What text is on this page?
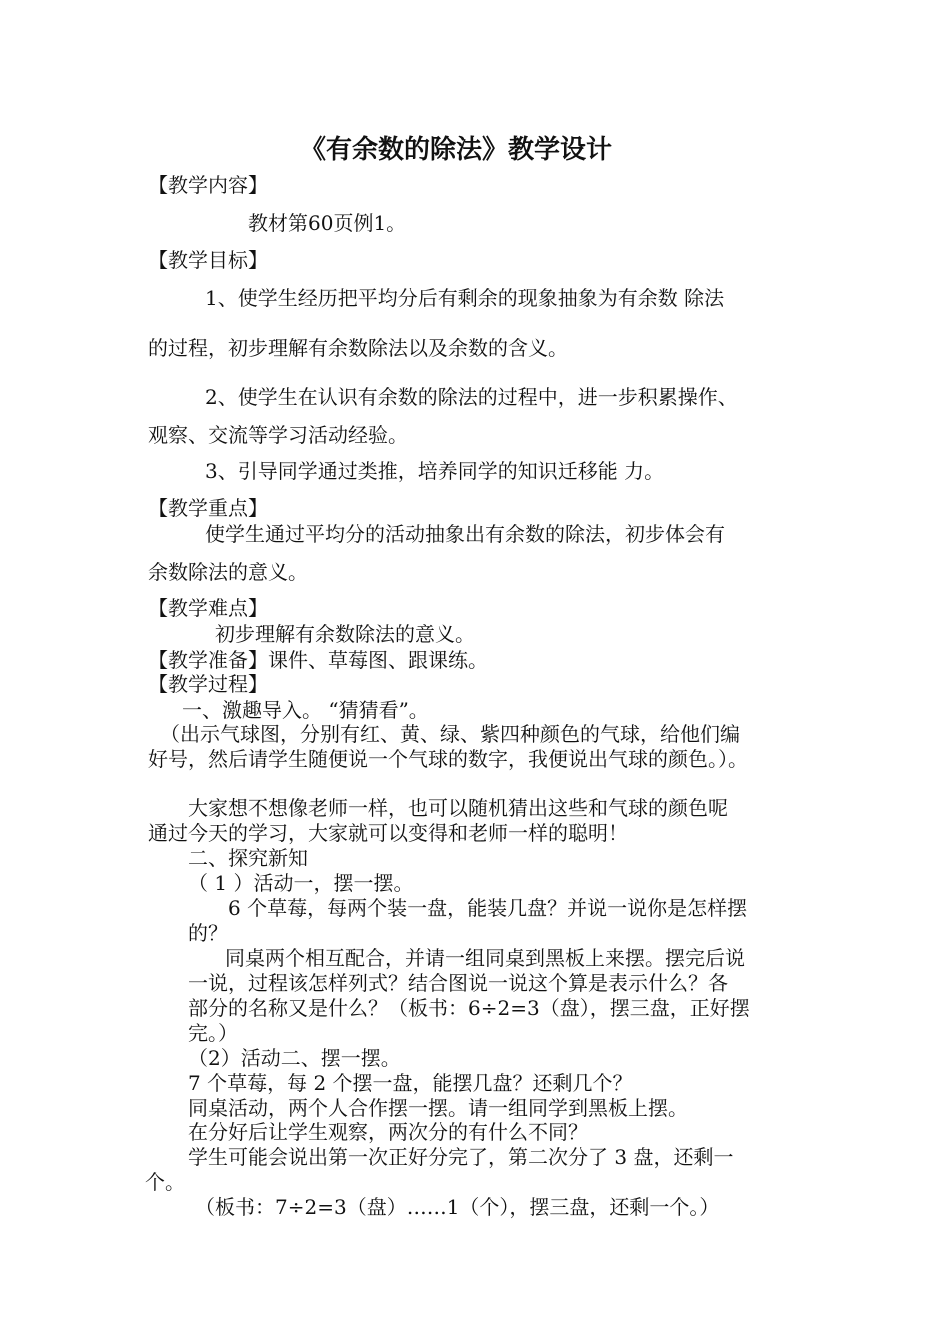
《有余数的除法》教学设计
【教学内容】
教材第60页例1。
【教学目标】
1、使学生经历把平均分后有剩余的现象抽象为有余数 除法
的过程，初步理解有余数除法以及余数的含义。
2、使学生在认识有余数的除法的过程中，进一步积累操作、
观察、交流等学习活动经验。
3、引导同学通过类推，培养同学的知识迁移能 力。
【教学重点】
使学生通过平均分的活动抽象出有余数的除法，初步体会有
余数除法的意义。
【教学难点】
初步理解有余数除法的意义。
【教学准备】课件、草莓图、跟课练。
【教学过程】
一、激趣导入。 “猜猜看”。
（出示气球图，分别有红、黄、绿、紫四种颜色的气球，给他们编
好号，然后请学生随便说一个气球的数字，我便说出气球的颜色。）。
大家想不想像老师一样，也可以随机猜出这些和气球的颜色呢
通过今天的学习，大家就可以变得和老师一样的聪明！
二、探究新知
（ 1 ）活动一，摆一摆。
6 个草莓，每两个装一盘，能装几盘？并说一说你是怎样摆
的？
同桌两个相互配合，并请一组同桌到黑板上来摆。摆完后说
一说，过程该怎样列式？结合图说一说这个算是表示什么？各
部分的名称又是什么？（板书：6÷2=3（盘），摆三盘，正好摆
完。）
（2）活动二、摆一摆。
7 个草莓，每 2 个摆一盘，能摆几盘？还剩几个？
同桌活动，两个人合作摆一摆。请一组同学到黑板上摆。
在分好后让学生观察，两次分的有什么不同？
学生可能会说出第一次正好分完了，第二次分了 3 盘，还剩一
个。
（板书：7÷2=3（盘）……1（个），摆三盘，还剩一个。）
